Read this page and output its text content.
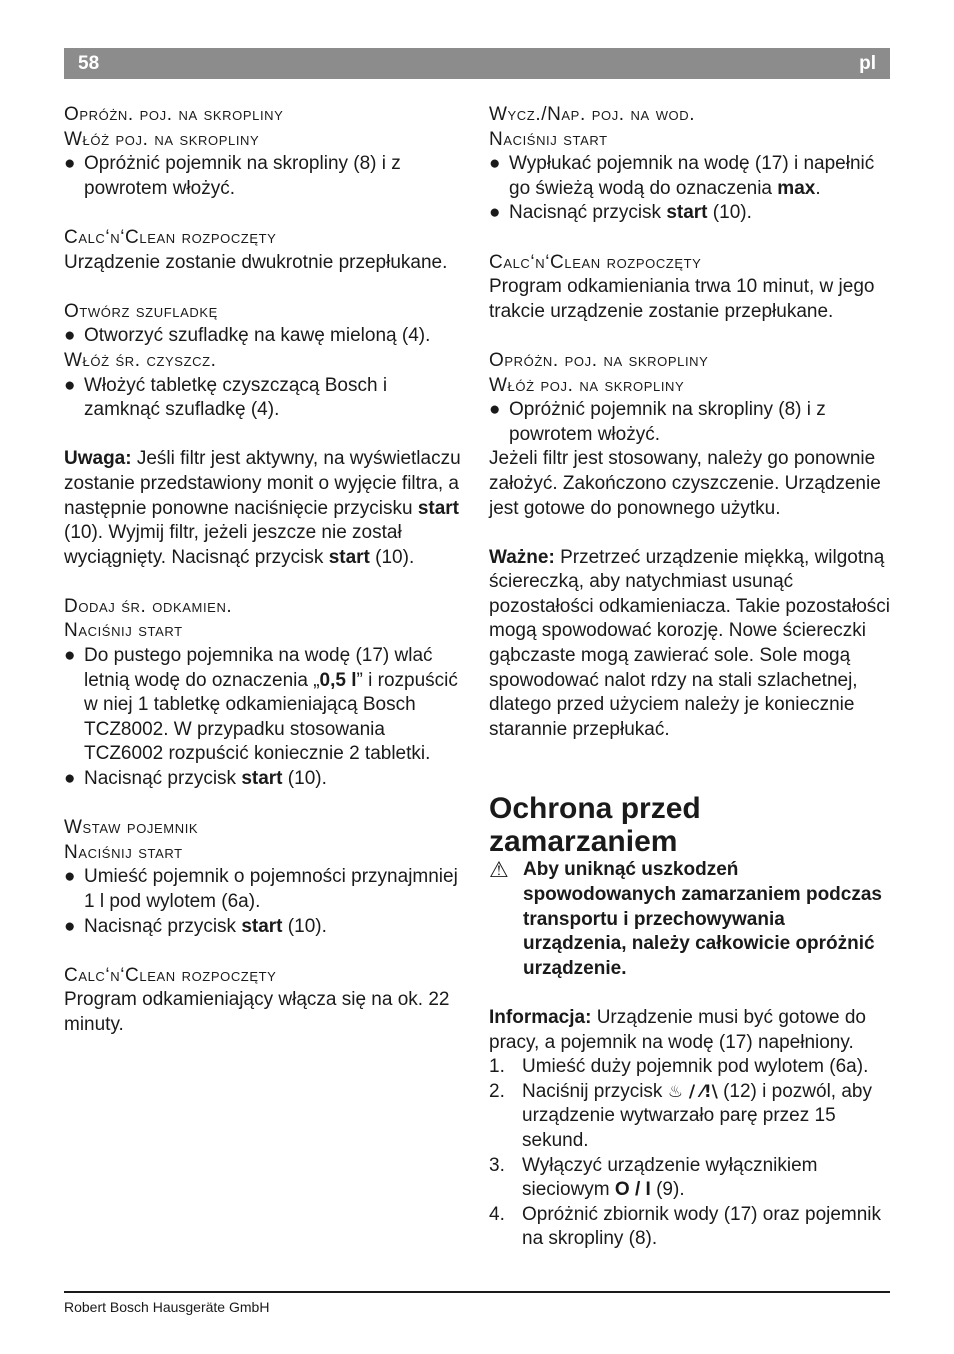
58	pl

Opróżn. poj. na skropliny

Włóż poj. na skropliny

● Opróżnić pojemnik na skropliny (8) i z powrotem włożyć.

Calc‘n‘Clean rozpoczęty

Urządzenie zostanie dwukrotnie przepłukane.

Otwórz szufladkę

● Otworzyć szufladkę na kawę mieloną (4).

Włóż śr. czyszcz.

● Włożyć tabletkę czyszczącą Bosch i zamknąć szufladkę (4).

Uwaga: Jeśli filtr jest aktywny, na wyświetlaczu zostanie przedstawiony monit o wyjęcie filtra, a następnie ponowne naciśnięcie przycisku start (10). Wyjmij filtr, jeżeli jeszcze nie został wyciągnięty. Nacisnąć przycisk start (10).

Dodaj śr. odkamien.

Naciśnij start

● Do pustego pojemnika na wodę (17) wlać letnią wodę do oznaczenia „0,5 l” i rozpuścić w niej 1 tabletkę odkamieniającą Bosch TCZ8002. W przypadku stosowania TCZ6002 rozpuścić koniecznie 2 tabletki.
● Nacisnąć przycisk start (10).

Wstaw pojemnik

Naciśnij start

● Umieść pojemnik o pojemności przynajmniej 1 l pod wylotem (6a).
● Nacisnąć przycisk start (10).

Calc‘n‘Clean rozpoczęty

Program odkamieniający włącza się na ok. 22 minuty.

Wycz./Nap. poj. na wod.

Naciśnij start

● Wypłukać pojemnik na wodę (17) i napełnić go świeżą wodą do oznaczenia max.
● Nacisnąć przycisk start (10).

Calc‘n‘Clean rozpoczęty

Program odkamieniania trwa 10 minut, w jego trakcie urządzenie zostanie przepłukane.

Opróżn. poj. na skropliny

Włóż poj. na skropliny

● Opróżnić pojemnik na skropliny (8) i z powrotem włożyć.

Jeżeli filtr jest stosowany, należy go ponownie założyć. Zakończono czyszczenie. Urządzenie jest gotowe do ponownego użytku.

Ważne: Przetrzeć urządzenie miękką, wilgotną ściereczką, aby natychmiast usunąć pozostałości odkamieniacza. Takie pozostałości mogą spowodować korozję. Nowe ściereczki gąbczaste mogą zawierać sole. Sole mogą spowodować nalot rdzy na stali szlachetnej, dlatego przed użyciem należy je koniecznie starannie przepłukać.

Ochrona przed zamarzaniem
⚠ Aby uniknąć uszkodzeń spowodowanych zamarzaniem podczas transportu i przechowywania urządzenia, należy całkowicie opróżnić urządzenie.

Informacja: Urządzenie musi być gotowe do pracy, a pojemnik na wodę (17) napełniony.

1. Umieść duży pojemnik pod wylotem (6a).
2. Naciśnij przycisk ♨ / ⁄!\ (12) i pozwól, aby urządzenie wytwarzało parę przez 15 sekund.
3. Wyłączyć urządzenie wyłącznikiem sieciowym O / I (9).
4. Opróżnić zbiornik wody (17) oraz pojemnik na skropliny (8).
Robert Bosch Hausgeräte GmbH
